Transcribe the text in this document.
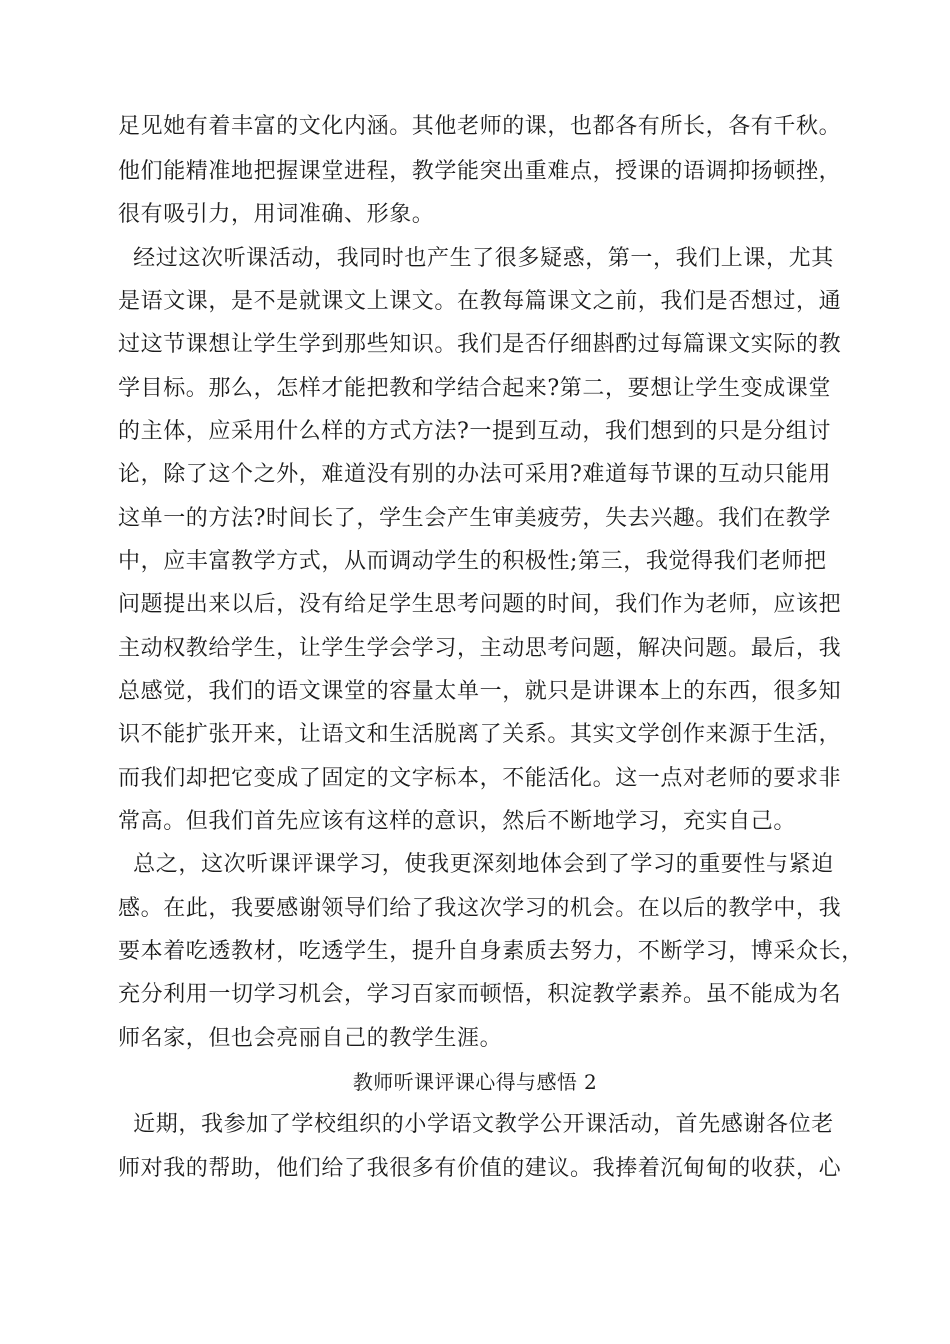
足见她有着丰富的文化内涵。其他老师的课，也都各有所长，各有千秋。
他们能精准地把握课堂进程，教学能突出重难点，授课的语调抑扬顿挫，
很有吸引力，用词准确、形象。
经过这次听课活动，我同时也产生了很多疑惑，第一，我们上课，尤其
是语文课，是不是就课文上课文。在教每篇课文之前，我们是否想过，通
过这节课想让学生学到那些知识。我们是否仔细斟酌过每篇课文实际的教
学目标。那么，怎样才能把教和学结合起来?第二，要想让学生变成课堂
的主体，应采用什么样的方式方法?一提到互动，我们想到的只是分组讨
论，除了这个之外，难道没有别的办法可采用?难道每节课的互动只能用
这单一的方法?时间长了，学生会产生审美疲劳，失去兴趣。我们在教学
中，应丰富教学方式，从而调动学生的积极性;第三，我觉得我们老师把
问题提出来以后，没有给足学生思考问题的时间，我们作为老师，应该把
主动权教给学生，让学生学会学习，主动思考问题，解决问题。最后，我
总感觉，我们的语文课堂的容量太单一，就只是讲课本上的东西，很多知
识不能扩张开来，让语文和生活脱离了关系。其实文学创作来源于生活，
而我们却把它变成了固定的文字标本，不能活化。这一点对老师的要求非
常高。但我们首先应该有这样的意识，然后不断地学习，充实自己。
总之，这次听课评课学习，使我更深刻地体会到了学习的重要性与紧迫
感。在此，我要感谢领导们给了我这次学习的机会。在以后的教学中，我
要本着吃透教材，吃透学生，提升自身素质去努力，不断学习，博采众长，
充分利用一切学习机会，学习百家而顿悟，积淀教学素养。虽不能成为名
师名家，但也会亮丽自己的教学生涯。
教师听课评课心得与感悟 2
近期，我参加了学校组织的小学语文教学公开课活动，首先感谢各位老
师对我的帮助，他们给了我很多有价值的建议。我捧着沉甸甸的收获，心
